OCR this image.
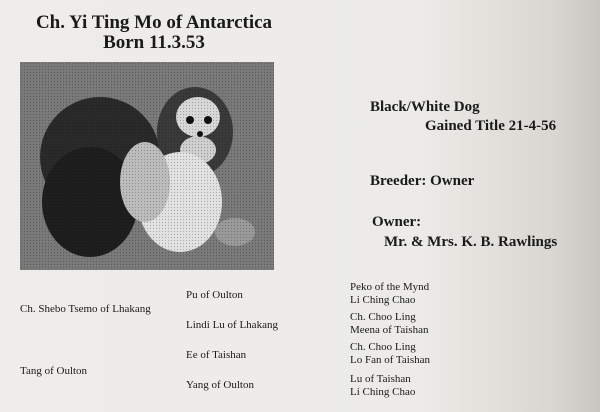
Ch. Yi Ting Mo of Antarctica
Born 11.3.53
Black/White Dog
Gained Title 21-4-56
Breeder: Owner
Owner:
Mr. & Mrs. K. B. Rawlings
Ch. Shebo Tsemo of Lhakang
Tang of Oulton
Pu of Oulton
Lindi Lu of Lhakang
Ee of Taishan
Yang of Oulton
Peko of the Mynd
Li Ching Chao
Ch. Choo Ling
Meena of Taishan
Ch. Choo Ling
Lo Fan of Taishan
Lu of Taishan
Li Ching Chao
